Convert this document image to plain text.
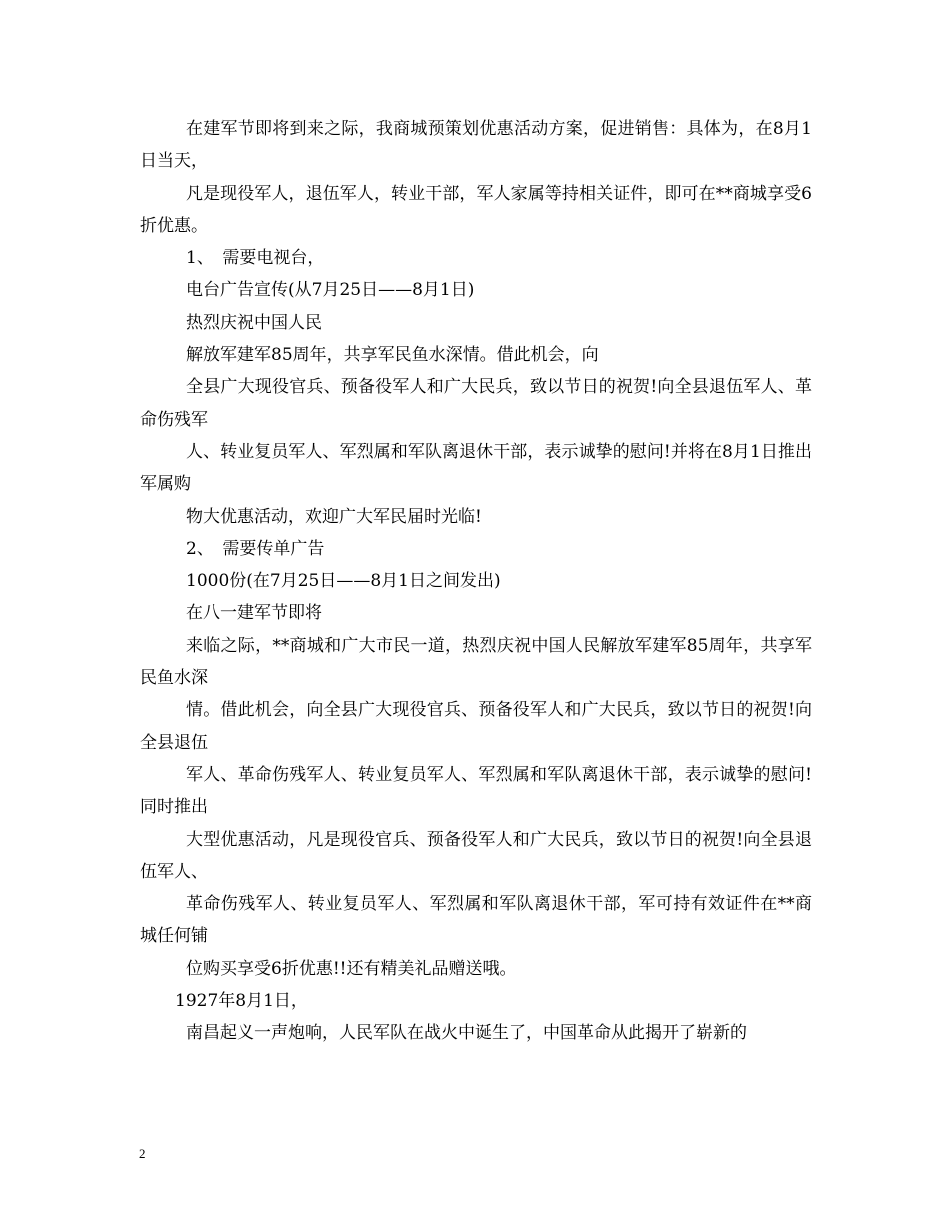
在建军节即将到来之际，我商城预策划优惠活动方案，促进销售：具体为，在8月1日当天，

凡是现役军人，退伍军人，转业干部，军人家属等持相关证件，即可在**商城享受6折优惠。

1、　需要电视台，

电台广告宣传(从7月25日——8月1日)

热烈庆祝中国人民

解放军建军85周年，共享军民鱼水深情。借此机会，向

全县广大现役官兵、预备役军人和广大民兵，致以节日的祝贺!向全县退伍军人、革命伤残军

人、转业复员军人、军烈属和军队离退休干部，表示诚挚的慰问!并将在8月1日推出军属购

物大优惠活动，欢迎广大军民届时光临!

2、　需要传单广告

1000份(在7月25日——8月1日之间发出)

在八一建军节即将

来临之际，**商城和广大市民一道，热烈庆祝中国人民解放军建军85周年，共享军民鱼水深

情。借此机会，向全县广大现役官兵、预备役军人和广大民兵，致以节日的祝贺!向全县退伍

军人、革命伤残军人、转业复员军人、军烈属和军队离退休干部，表示诚挚的慰问!同时推出

大型优惠活动，凡是现役官兵、预备役军人和广大民兵，致以节日的祝贺!向全县退伍军人、

革命伤残军人、转业复员军人、军烈属和军队离退休干部，军可持有效证件在**商城任何铺

位购买享受6折优惠!!还有精美礼品赠送哦。

1927年8月1日，

南昌起义一声炮响，人民军队在战火中诞生了，中国革命从此揭开了崭新的

2
